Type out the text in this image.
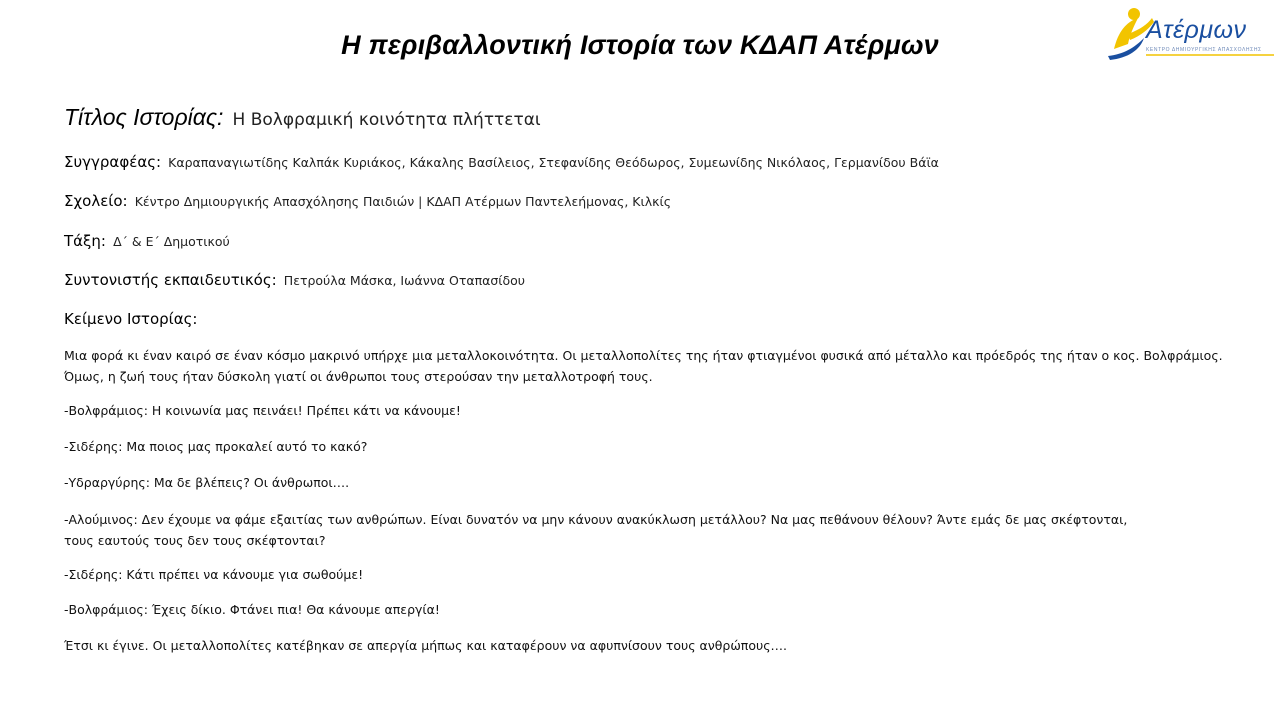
Η περιβαλλοντική Ιστορία των ΚΔΑΠ Ατέρμων	Ατέρμων
ΚΕΝΤΡΟ ΔΗΜΙΟΥΡΓΙΚΗΣ ΑΠΑΣΧΟΛΗΣΗΣ
Τίτλος Ιστορίας: Η Βολφραμική κοινότητα πλήττεται
Συγγραφέας: Καραπαναγιωτίδης Καλπάκ Κυριάκος, Κάκαλης Βασίλειος, Στεφανίδης Θεόδωρος, Συμεωνίδης Νικόλαος, Γερμανίδου Βάϊα
Σχολείο: Κέντρο Δημιουργικής Απασχόλησης Παιδιών | ΚΔΑΠ Ατέρμων Παντελεήμονας, Κιλκίς
Τάξη: Δ΄ & Ε΄ Δημοτικού
Συντονιστής εκπαιδευτικός: Πετρούλα Μάσκα, Ιωάννα Οταπασίδου
Κείμενο Ιστορίας:
Μια φορά κι έναν καιρό σε έναν κόσμο μακρινό υπήρχε μια μεταλλοκοινότητα. Οι μεταλλοπολίτες της ήταν φτιαγμένοι φυσικά από μέταλλο και πρόεδρός της ήταν ο κος. Βολφράμιος.
Όμως, η ζωή τους ήταν δύσκολη γιατί οι άνθρωποι τους στερούσαν την μεταλλοτροφή τους.
-Βολφράμιος: Η κοινωνία μας πεινάει! Πρέπει κάτι να κάνουμε!
-Σιδέρης: Μα ποιος μας προκαλεί αυτό το κακό?
-Υδραργύρης: Μα δε βλέπεις? Οι άνθρωποι….
-Αλούμινος: Δεν έχουμε να φάμε εξαιτίας των ανθρώπων. Είναι δυνατόν να μην κάνουν ανακύκλωση μετάλλου? Να μας πεθάνουν θέλουν? Άντε εμάς δε μας σκέφτονται,
τους εαυτούς τους δεν τους σκέφτονται?
-Σιδέρης: Κάτι πρέπει να κάνουμε για σωθούμε!
-Βολφράμιος: Έχεις δίκιο. Φτάνει πια! Θα κάνουμε απεργία!
Έτσι κι έγινε. Οι μεταλλοπολίτες κατέβηκαν σε απεργία μήπως και καταφέρουν να αφυπνίσουν τους ανθρώπους….
